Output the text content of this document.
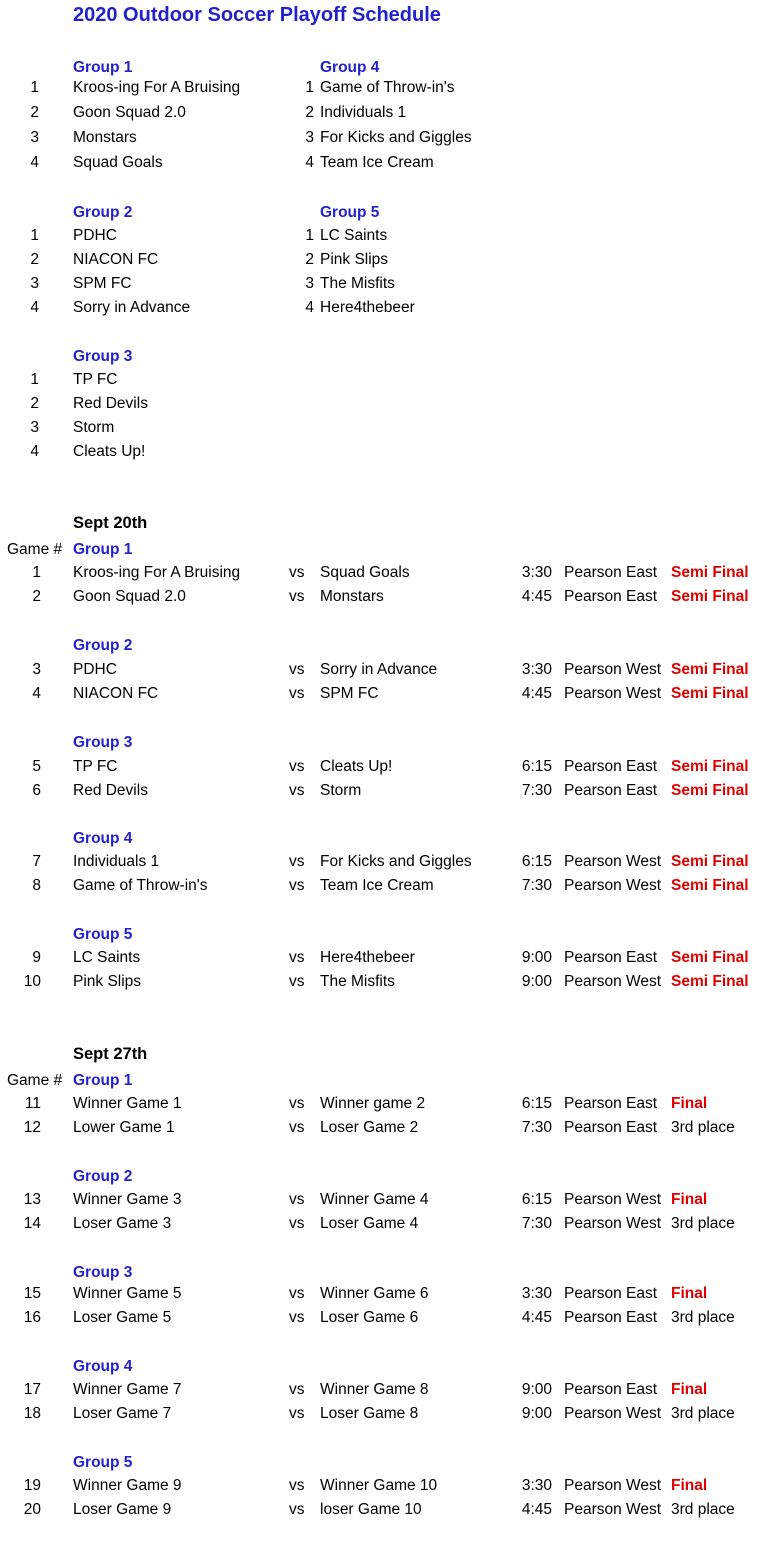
2020 Outdoor Soccer Playoff Schedule
Group 1
1 Kroos-ing For A Bruising
2 Goon Squad 2.0
3 Monstars
4 Squad Goals
Group 2
1 PDHC
2 NIACON FC
3 SPM FC
4 Sorry in Advance
Group 3
1 TP FC
2 Red Devils
3 Storm
4 Cleats Up!
Group 4
1 Game of Throw-in's
2 Individuals 1
3 For Kicks and Giggles
4 Team Ice Cream
Group 5
1 LC Saints
2 Pink Slips
3 The Misfits
4 Here4thebeer
Sept 20th
Game # Group 1
1 Kroos-ing For A Bruising	vs Squad Goals	3:30 Pearson East Semi Final
2 Goon Squad 2.0	vs Monstars	4:45 Pearson East Semi Final
Group 2
3 PDHC	vs Sorry in Advance	3:30 Pearson West Semi Final
4 NIACON FC	vs SPM FC	4:45 Pearson West Semi Final
Group 3
5 TP FC	vs Cleats Up!	6:15 Pearson East Semi Final
6 Red Devils	vs Storm	7:30 Pearson East Semi Final
Group 4
7 Individuals 1	vs For Kicks and Giggles	6:15 Pearson West Semi Final
8 Game of Throw-in's	vs Team Ice Cream	7:30 Pearson West Semi Final
Group 5
9 LC Saints	vs Here4thebeer	9:00 Pearson East Semi Final
10 Pink Slips	vs The Misfits	9:00 Pearson West Semi Final
Sept 27th
Game # Group 1
11 Winner Game 1	vs Winner game 2	6:15 Pearson East Final
12 Lower Game 1	vs Loser Game 2	7:30 Pearson East 3rd place
Group 2
13 Winner Game 3	vs Winner Game 4	6:15 Pearson West Final
14 Loser Game 3	vs Loser Game 4	7:30 Pearson West 3rd place
Group 3
15 Winner Game 5	vs Winner Game 6	3:30 Pearson East Final
16 Loser Game 5	vs Loser Game 6	4:45 Pearson East 3rd place
Group 4
17 Winner Game 7	vs Winner Game 8	9:00 Pearson East Final
18 Loser Game 7	vs Loser Game 8	9:00 Pearson West 3rd place
Group 5
19 Winner Game 9	vs Winner Game 10	3:30 Pearson West Final
20 Loser Game 9	vs loser Game 10	4:45 Pearson West 3rd place
